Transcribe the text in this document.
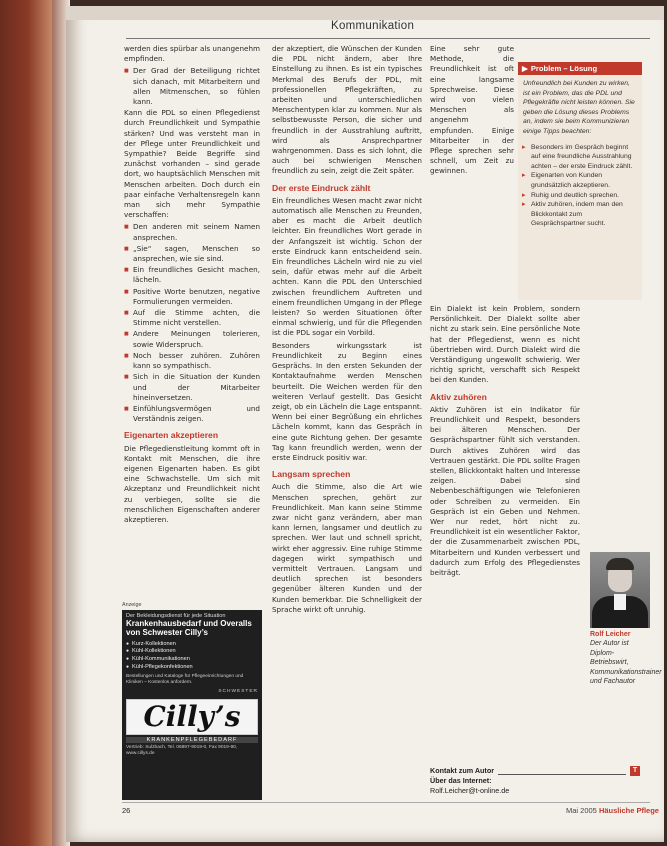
Kommunikation

werden dies spürbar als unangenehm empfinden.

■ Der Grad der Beteiligung richtet sich danach, mit Mitarbeitern und allen Mitmenschen, so fühlen kann.

Kann die PDL so einen Pflegedienst durch Freundlichkeit und Sympathie stärken? Und was versteht man in der Pflege unter Freundlichkeit und Sympathie? Beide Begriffe sind zunächst vorhanden – sind gerade dort, wo hauptsächlich Menschen mit Menschen arbeiten. Doch durch ein paar einfache Verhaltensregeln kann man sich mehr Sympathie verschaffen:

■ Den anderen mit seinem Namen ansprechen.
■ „Sie“ sagen, Menschen so ansprechen, wie sie sind.
■ Ein freundliches Gesicht machen, lächeln.
■ Positive Worte benutzen, negative Formulierungen vermeiden.
■ Auf die Stimme achten, die Stimme nicht verstellen.
■ Andere Meinungen tolerieren, sowie Widerspruch.
■ Noch besser zuhören. Zuhören kann so sympathisch.
■ Sich in die Situation der Kunden und der Mitarbeiter hineinversetzen.
■ Einfühlungsvermögen und Verständnis zeigen.
Eigenarten akzeptieren

Die Pflegedienstleitung kommt oft in Kontakt mit Menschen, die ihre eigenen Eigenarten haben. Es gibt eine Schwachstelle. Um sich mit Akzeptanz und Freundlichkeit nicht zu verbiegen, sollte sie die menschlichen Eigenschaften anderer akzeptieren.

der akzeptiert, die Wünschen der Kunden die PDL nicht ändern, aber Ihre Einstellung zu ihnen. Es ist ein typisches Merkmal des Berufs der PDL, mit professionellen Pflegekräften, zu arbeiten und unterschiedlichen Menschentypen klar zu kommen. Nur als selbstbewusste Person, die sicher und freundlich in der Ausstrahlung auftritt, wird als Ansprechpartner wahrgenommen. Dass es sich lohnt, die auch bei schwierigen Menschen freundlich zu sein, zeigt die Zeit später.

Der erste Eindruck zählt

Ein freundliches Wesen macht zwar nicht automatisch alle Menschen zu Freunden, aber es macht die Arbeit deutlich leichter. Ein freundliches Wort gerade in der Anfangszeit ist wichtig. Schon der erste Eindruck kann entscheidend sein. Ein freundliches Lächeln wird nie zu viel sein, dafür etwas mehr auf die Arbeit achten. Kann die PDL den Unterschied zwischen freundlichem Auftreten und einem freundlichen Umgang in der Pflege leisten? So werden Situationen öfter einmal schwierig, und für die Pflegenden ist die PDL sogar ein Vorbild.

Besonders wirkungsstark ist Freundlichkeit zu Beginn eines Gesprächs. In den ersten Sekunden der Kontaktaufnahme werden Menschen beurteilt. Die Weichen werden für den weiteren Verlauf gestellt. Das Gesicht zeigt, ob ein Lächeln die Lage entspannt. Wenn bei einer Begrüßung ein ehrliches Lächeln kommt, kann das Gespräch in eine gute Richtung gehen. Der gesamte Tag kann freundlich werden, wenn der erste Eindruck positiv war.

Langsam sprechen

Auch die Stimme, also die Art wie Menschen sprechen, gehört zur Freundlichkeit. Man kann seine Stimme zwar nicht ganz verändern, aber man kann lernen, langsamer und deutlich zu sprechen. Wer laut und schnell spricht, wirkt eher aggressiv. Eine ruhige Stimme dagegen wirkt sympathisch und vermittelt Vertrauen. Langsam und deutlich sprechen ist besonders gegenüber älteren Kunden und der Kunden bemerkbar. Die Schnelligkeit der Sprache wirkt oft unruhig.

Eine sehr gute Methode, die Freundlichkeit ist oft eine langsame Sprechweise. Diese wird von vielen Menschen als angenehm empfunden. Einige Mitarbeiter in der Pflege sprechen sehr schnell, um Zeit zu gewinnen.

Ein Dialekt ist kein Problem, sondern Persönlichkeit. Der Dialekt sollte aber nicht zu stark sein. Eine persönliche Note hat der Pflegedienst, wenn es nicht übertrieben wird. Durch Dialekt wird die Verständigung ungewollt schwierig. Wer richtig spricht, verschafft sich Respekt bei den Kunden.

Aktiv zuhören

Aktiv Zuhören ist ein Indikator für Freundlichkeit und Respekt, besonders bei älteren Menschen. Der Gesprächspartner fühlt sich verstanden. Durch aktives Zuhören wird das Vertrauen gestärkt. Die PDL sollte Fragen stellen, Blickkontakt halten und Interesse zeigen. Dabei sind Nebenbeschäftigungen wie Telefonieren oder Schreiben zu vermeiden. Ein Gespräch ist ein Geben und Nehmen. Wer nur redet, hört nicht zu. Freundlichkeit ist ein wesentlicher Faktor, der die Zusammenarbeit zwischen PDL, Mitarbeitern und Kunden verbessert und dadurch zum Erfolg des Pflegedienstes beiträgt.

▶ Problem – Lösung
Unfreundlich bei Kunden zu wirken, ist ein Problem, das die PDL und Pflegekräfte nicht leisten können. Sie geben die Lösung dieses Problems an, indem sie beim Kommunizieren einige Tipps beachten:
▸ Besonders im Gespräch beginnt auf eine freundliche Ausstrahlung achten – der erste Eindruck zählt.
▸ Eigenarten von Kunden grundsätzlich akzeptieren.
▸ Ruhig und deutlich sprechen.
▸ Aktiv zuhören, indem man den Blickkontakt zum Gesprächspartner sucht.
Anzeige
Der Bekleidungsdienst für jede Situation
Krankenhausbedarf und Overalls von Schwester Cilly’s
● Kurz-Kollektionen
● Kühl-Kollektionen
● Kühl-Kommunikationen
● Kühl-Pflegekonfektionen
Bestellungen und Kataloge für Pflegeeinrichtungen und Kliniken – Kostenlos anfordern.
SCHWESTER
Cilly’s
KRANKENPFLEGEBEDARF
Vertrieb: Sulzbach, Tel. 06897-9019-0, Fax 9019-90, www.cillys.de
Rolf Leicher
Der Autor ist Diplom-Betriebswirt, Kommunikationstrainer und Fachautor
Kontakt zum Autor	T
Über das Internet:
Rolf.Leicher@t-online.de
26	Mai 2005 Häusliche Pflege
